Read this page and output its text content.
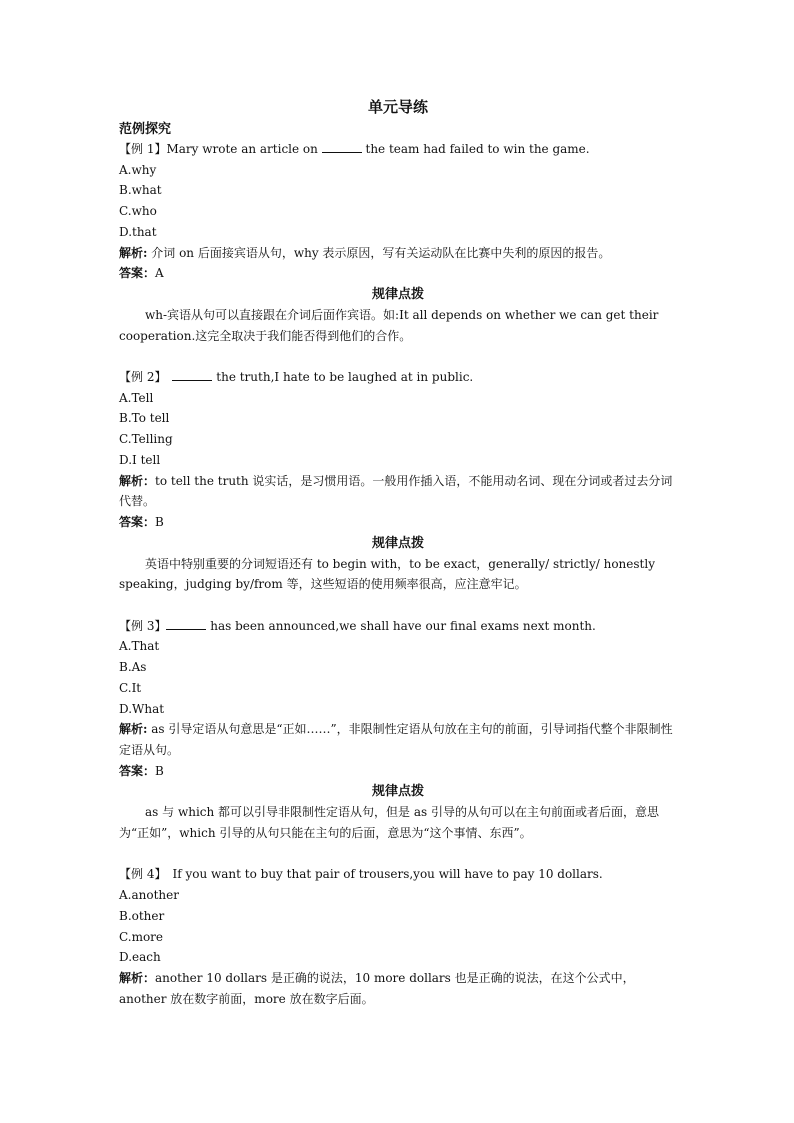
单元导练
范例探究
【例 1】Mary wrote an article on	the team had failed to win the game.
A.why
B.what
C.who
D.that
解析: 介词 on 后面接宾语从句，why 表示原因，写有关运动队在比赛中失利的原因的报告。
答案：A
规律点拨
wh-宾语从句可以直接跟在介词后面作宾语。如:It all depends on whether we can get their cooperation.这完全取决于我们能否得到他们的合作。
【例 2】	the truth,I hate to be laughed at in public.
A.Tell
B.To tell
C.Telling
D.I tell
解析：to tell the truth 说实话，是习惯用语。一般用作插入语，不能用动名词、现在分词或者过去分词代替。
答案：B
规律点拨
英语中特别重要的分词短语还有 to begin with，to be exact，generally/ strictly/ honestly speaking，judging by/from 等，这些短语的使用频率很高，应注意牢记。
【例 3】	has been announced,we shall have our final exams next month.
A.That
B.As
C.It
D.What
解析: as 引导定语从句意思是“正如……”，非限制性定语从句放在主句的前面，引导词指代整个非限制性定语从句。
答案：B
规律点拨
as 与 which 都可以引导非限制性定语从句，但是 as 引导的从句可以在主句前面或者后面，意思为“正如”，which 引导的从句只能在主句的后面，意思为“这个事情、东西”。
【例 4】 If you want to buy that pair of trousers,you will have to pay 10 dollars.
A.another
B.other
C.more
D.each
解析：another 10 dollars 是正确的说法，10 more dollars 也是正确的说法，在这个公式中，another 放在数字前面，more 放在数字后面。
